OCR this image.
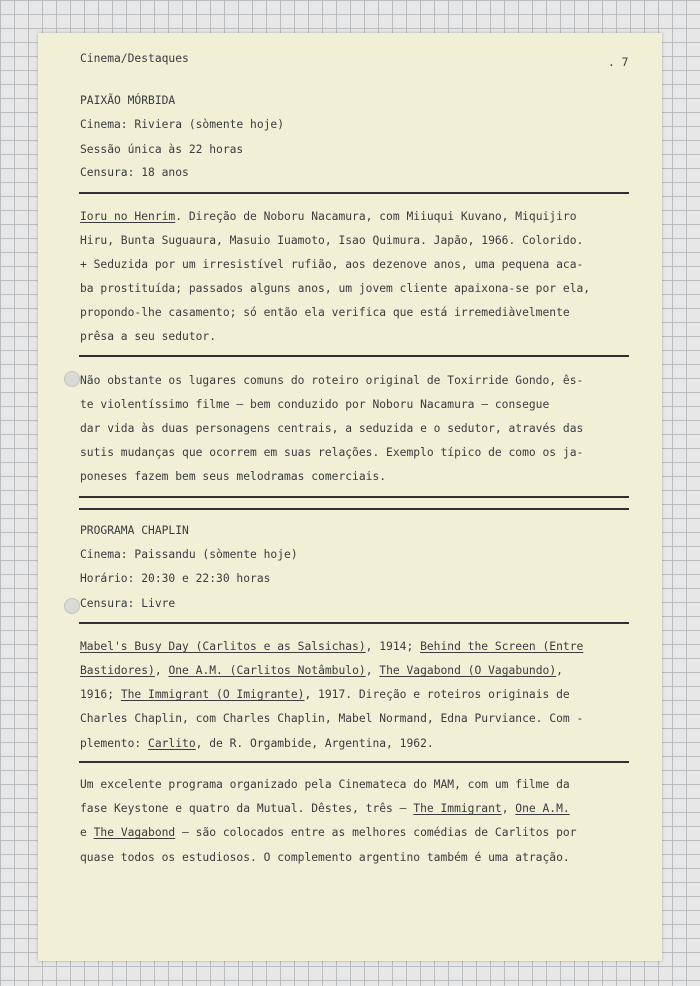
Cinema/Destaques	. 7

PAIXÃO MÓRBIDA

Cinema: Riviera (sòmente hoje)

Sessão única às 22 horas

Censura: 18 anos

Ioru no Henrim. Direção de Noboru Nacamura, com Miiuqui Kuvano, Miquijiro

Hiru, Bunta Suguaura, Masuio Iuamoto, Isao Quimura. Japão, 1966. Colorido.

+ Seduzida por um irresistível rufião, aos dezenove anos, uma pequena aca-

ba prostituída; passados alguns anos, um jovem cliente apaixona-se por ela,

propondo-lhe casamento; só então ela verifica que está irremediàvelmente

prêsa a seu sedutor.

Não obstante os lugares comuns do roteiro original de Toxirride Gondo, ês-

te violentíssimo filme — bem conduzido por Noboru Nacamura — consegue

dar vida às duas personagens centrais, a seduzida e o sedutor, através das

sutis mudanças que ocorrem em suas relações. Exemplo típico de como os ja-

poneses fazem bem seus melodramas comerciais.

PROGRAMA CHAPLIN

Cinema: Paissandu (sòmente hoje)

Horário: 20:30 e 22:30 horas

Censura: Livre

Mabel's Busy Day (Carlitos e as Salsichas), 1914; Behind the Screen (Entre

Bastidores), One A.M. (Carlitos Notâmbulo), The Vagabond (O Vagabundo),

1916; The Immigrant (O Imigrante), 1917. Direção e roteiros originais de

Charles Chaplin, com Charles Chaplin, Mabel Normand, Edna Purviance. Com -

plemento: Carlito, de R. Orgambide, Argentina, 1962.

Um excelente programa organizado pela Cinemateca do MAM, com um filme da

fase Keystone e quatro da Mutual. Dêstes, três — The Immigrant, One A.M.

e The Vagabond — são colocados entre as melhores comédias de Carlitos por

quase todos os estudiosos. O complemento argentino também é uma atração.
